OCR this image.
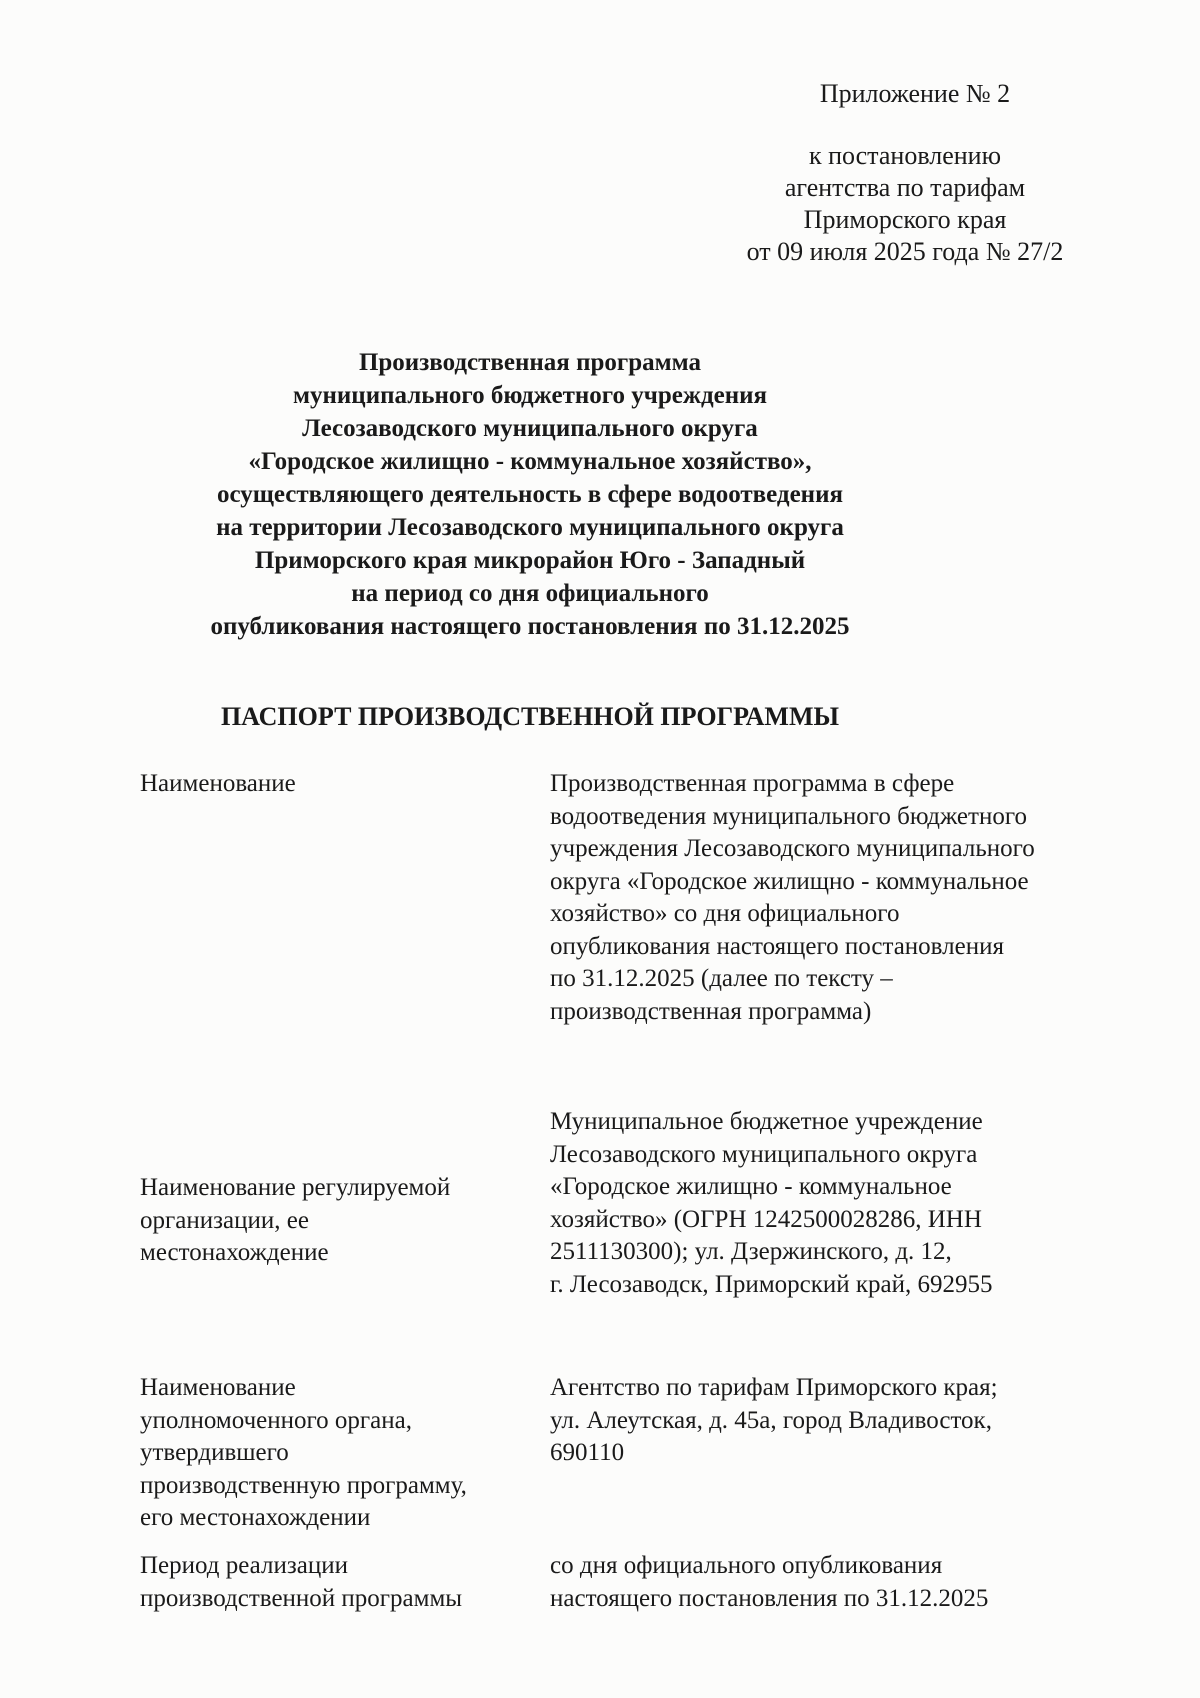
Приложение № 2
к постановлению
агентства по тарифам
Приморского края
от 09 июля 2025 года № 27/2
Производственная программа
муниципального бюджетного учреждения
Лесозаводского муниципального округа
«Городское жилищно - коммунальное хозяйство»,
осуществляющего деятельность в сфере водоотведения
на территории Лесозаводского муниципального округа
Приморского края микрорайон Юго - Западный
на период со дня официального
опубликования настоящего постановления по 31.12.2025
ПАСПОРТ ПРОИЗВОДСТВЕННОЙ ПРОГРАММЫ
Наименование	Производственная программа в сфере
водоотведения муниципального бюджетного
учреждения Лесозаводского муниципального
округа «Городское жилищно - коммунальное
хозяйство» со дня официального
опубликования настоящего постановления
по 31.12.2025 (далее по тексту –
производственная программа)
Наименование регулируемой
организации, ее
местонахождение
Муниципальное бюджетное учреждение
Лесозаводского муниципального округа
«Городское жилищно - коммунальное
хозяйство» (ОГРН 1242500028286, ИНН
2511130300); ул. Дзержинского, д. 12,
г. Лесозаводск, Приморский край, 692955
Наименование
уполномоченного органа,
утвердившего
производственную программу,
его местонахождении
Агентство по тарифам Приморского края;
ул. Алеутская, д. 45а, город Владивосток,
690110
Период реализации
производственной программы
со дня официального опубликования
настоящего постановления по 31.12.2025
